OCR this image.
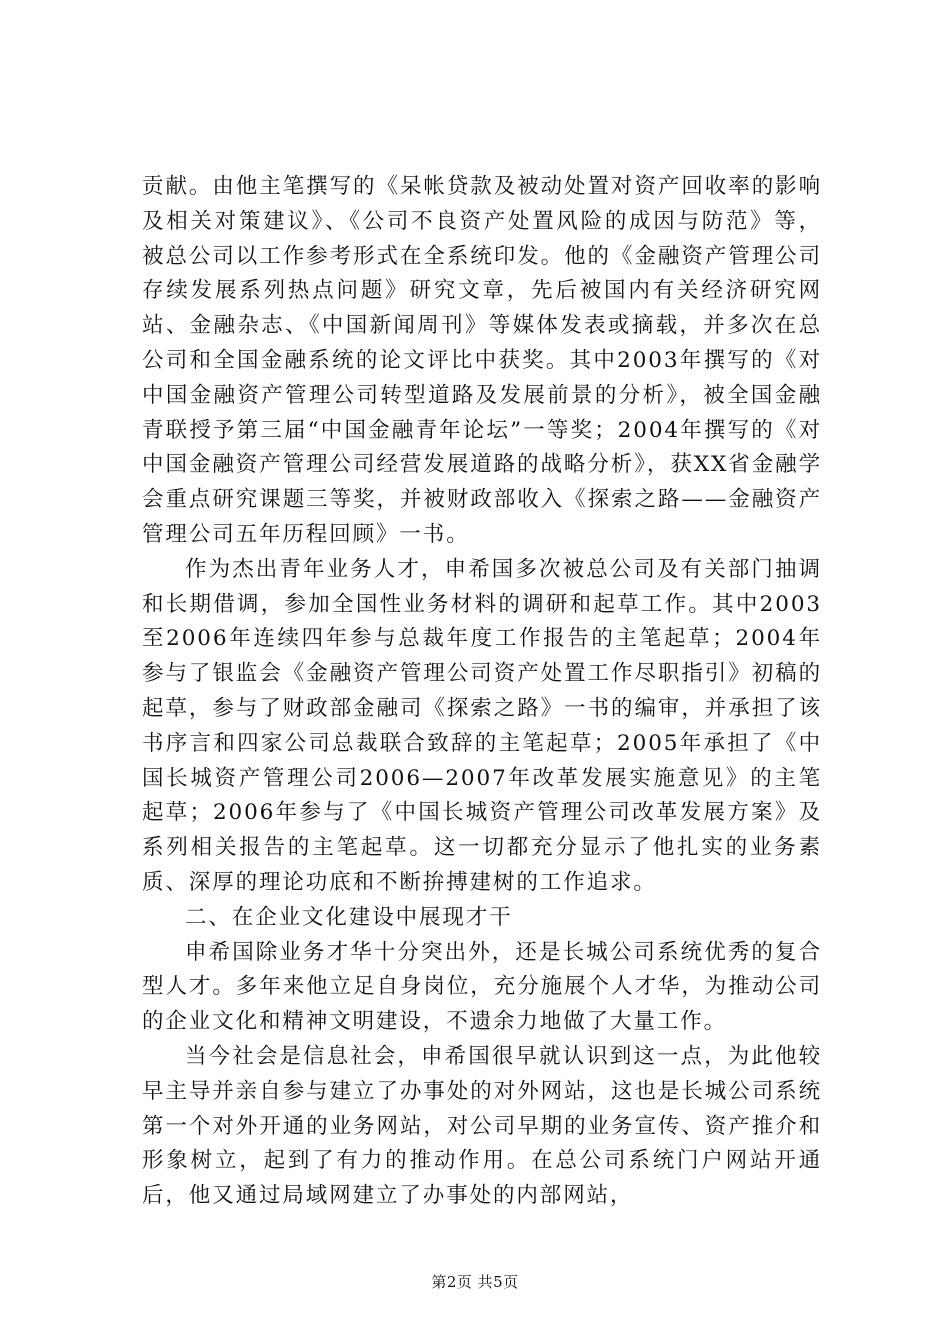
贡献。由他主笔撰写的《呆帐贷款及被动处置对资产回收率的影响及相关对策建议》、《公司不良资产处置风险的成因与防范》等，被总公司以工作参考形式在全系统印发。他的《金融资产管理公司存续发展系列热点问题》研究文章，先后被国内有关经济研究网站、金融杂志、《中国新闻周刊》等媒体发表或摘载，并多次在总公司和全国金融系统的论文评比中获奖。其中2003年撰写的《对中国金融资产管理公司转型道路及发展前景的分析》，被全国金融青联授予第三届“中国金融青年论坛”一等奖；2004年撰写的《对中国金融资产管理公司经营发展道路的战略分析》，获XX省金融学会重点研究课题三等奖，并被财政部收入《探索之路——金融资产管理公司五年历程回顾》一书。

作为杰出青年业务人才，申希国多次被总公司及有关部门抽调和长期借调，参加全国性业务材料的调研和起草工作。其中2003至2006年连续四年参与总裁年度工作报告的主笔起草；2004年参与了银监会《金融资产管理公司资产处置工作尽职指引》初稿的起草，参与了财政部金融司《探索之路》一书的编审，并承担了该书序言和四家公司总裁联合致辞的主笔起草；2005年承担了《中国长城资产管理公司2006—2007年改革发展实施意见》的主笔起草；2006年参与了《中国长城资产管理公司改革发展方案》及系列相关报告的主笔起草。这一切都充分显示了他扎实的业务素质、深厚的理论功底和不断拚搏建树的工作追求。

二、在企业文化建设中展现才干

申希国除业务才华十分突出外，还是长城公司系统优秀的复合型人才。多年来他立足自身岗位，充分施展个人才华，为推动公司的企业文化和精神文明建设，不遗余力地做了大量工作。

当今社会是信息社会，申希国很早就认识到这一点，为此他较早主导并亲自参与建立了办事处的对外网站，这也是长城公司系统第一个对外开通的业务网站，对公司早期的业务宣传、资产推介和形象树立，起到了有力的推动作用。在总公司系统门户网站开通后，他又通过局域网建立了办事处的内部网站，

第2页 共5页
